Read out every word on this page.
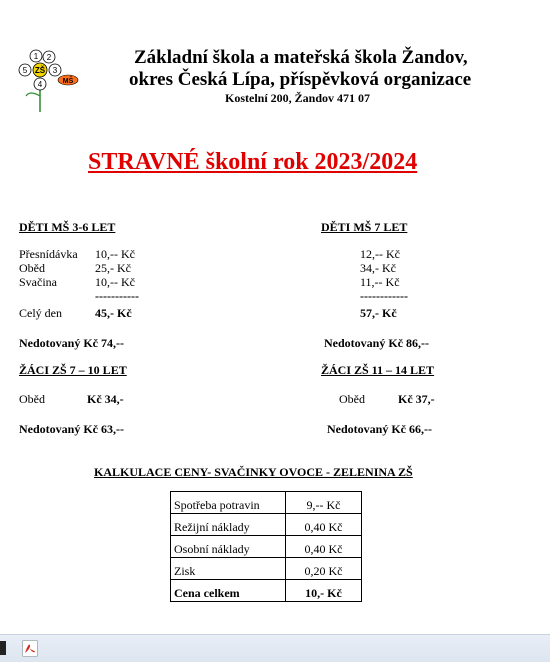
1 2
3
4
5 ZŠ
MŠ
Základní škola a mateřská škola Žandov,
okres Česká Lípa, příspěvková organizace
Kostelní 200, Žandov 471 07
STRAVNÉ školní rok 2023/2024
DĚTI MŠ 3-6 LET
Přesnídávka 10,-- Kč
Oběd	25,- Kč
Svačina	10,-- Kč
-----------
Celý den	45,- Kč
Nedotovaný Kč 74,--
DĚTI MŠ 7 LET
12,-- Kč
34,- Kč
11,-- Kč
------------
57,- Kč
Nedotovaný Kč 86,--
ŽÁCI ZŠ 7 – 10 LET
Oběd	Kč 34,-
Nedotovaný Kč 63,--
ŽÁCI ZŠ 11 – 14 LET
Oběd	Kč 37,-
Nedotovaný Kč 66,--
KALKULACE CENY- SVAČINKY OVOCE - ZELENINA ZŠ
Spotřeba potravin	9,-- Kč
Režijní náklady	0,40 Kč
Osobní náklady	0,40 Kč
Zisk	0,20 Kč
Cena celkem	10,- Kč
